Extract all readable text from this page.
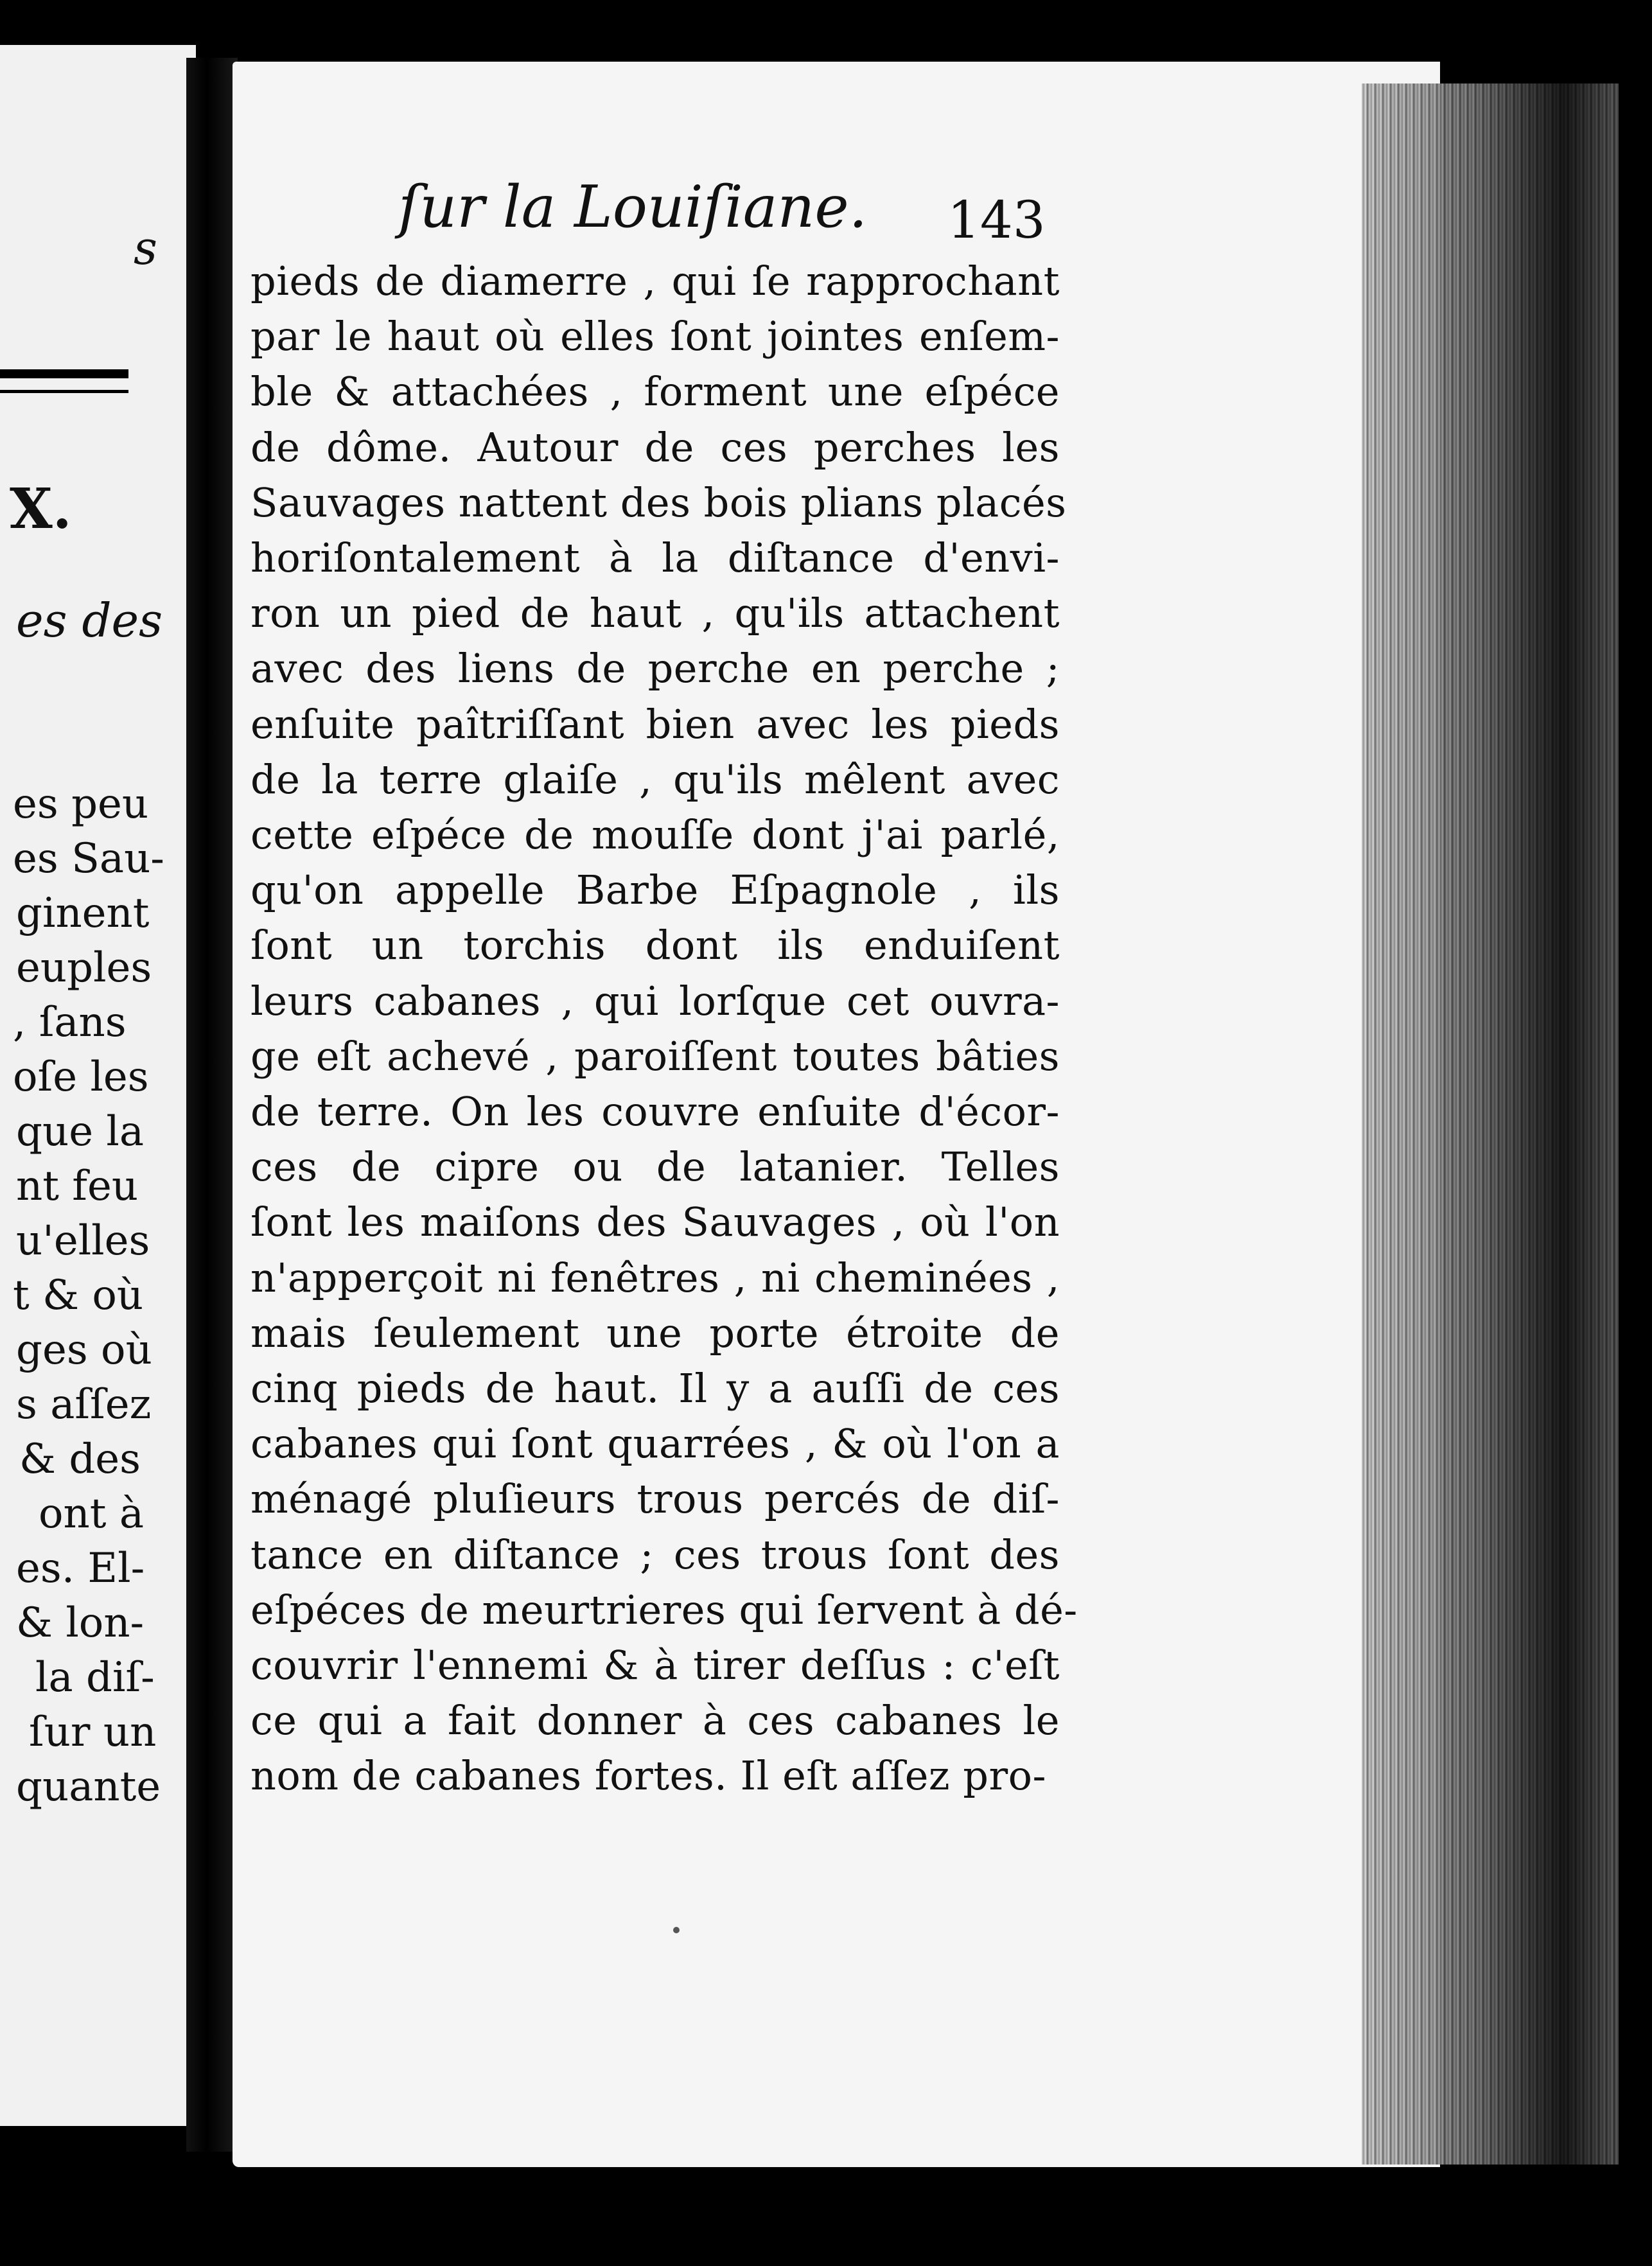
s
X.
es des
es peu
es Sau-
ginent
euples
, ſans
oſe les
que la
nt feu
u'elles
t & où
ges où
s aſſez
& des
ont à
es. El-
& lon-
la diſ-
ſur un
quante
ſur la Louiſiane.	143
pieds de diamerre , qui ſe rapprochant
par le haut où elles ſont jointes enſem-
ble & attachées , forment une eſpéce
de dôme. Autour de ces perches les
Sauvages nattent des bois plians placés
horiſontalement à la diſtance d'envi-
ron un pied de haut , qu'ils attachent
avec des liens de perche en perche ;
enſuite paîtriſſant bien avec les pieds
de la terre glaiſe , qu'ils mêlent avec
cette eſpéce de mouſſe dont j'ai parlé,
qu'on appelle Barbe Eſpagnole , ils
ſont un torchis dont ils enduiſent
leurs cabanes , qui lorſque cet ouvra-
ge eſt achevé , paroiſſent toutes bâties
de terre. On les couvre enſuite d'écor-
ces de cipre ou de latanier. Telles
ſont les maiſons des Sauvages , où l'on
n'apperçoit ni fenêtres , ni cheminées ,
mais ſeulement une porte étroite de
cinq pieds de haut. Il y a auſſi de ces
cabanes qui ſont quarrées , & où l'on a
ménagé pluſieurs trous percés de diſ-
tance en diſtance ; ces trous ſont des
eſpéces de meurtrieres qui ſervent à dé-
couvrir l'ennemi & à tirer deſſus : c'eſt
ce qui a fait donner à ces cabanes le
nom de cabanes fortes. Il eſt aſſez pro-
